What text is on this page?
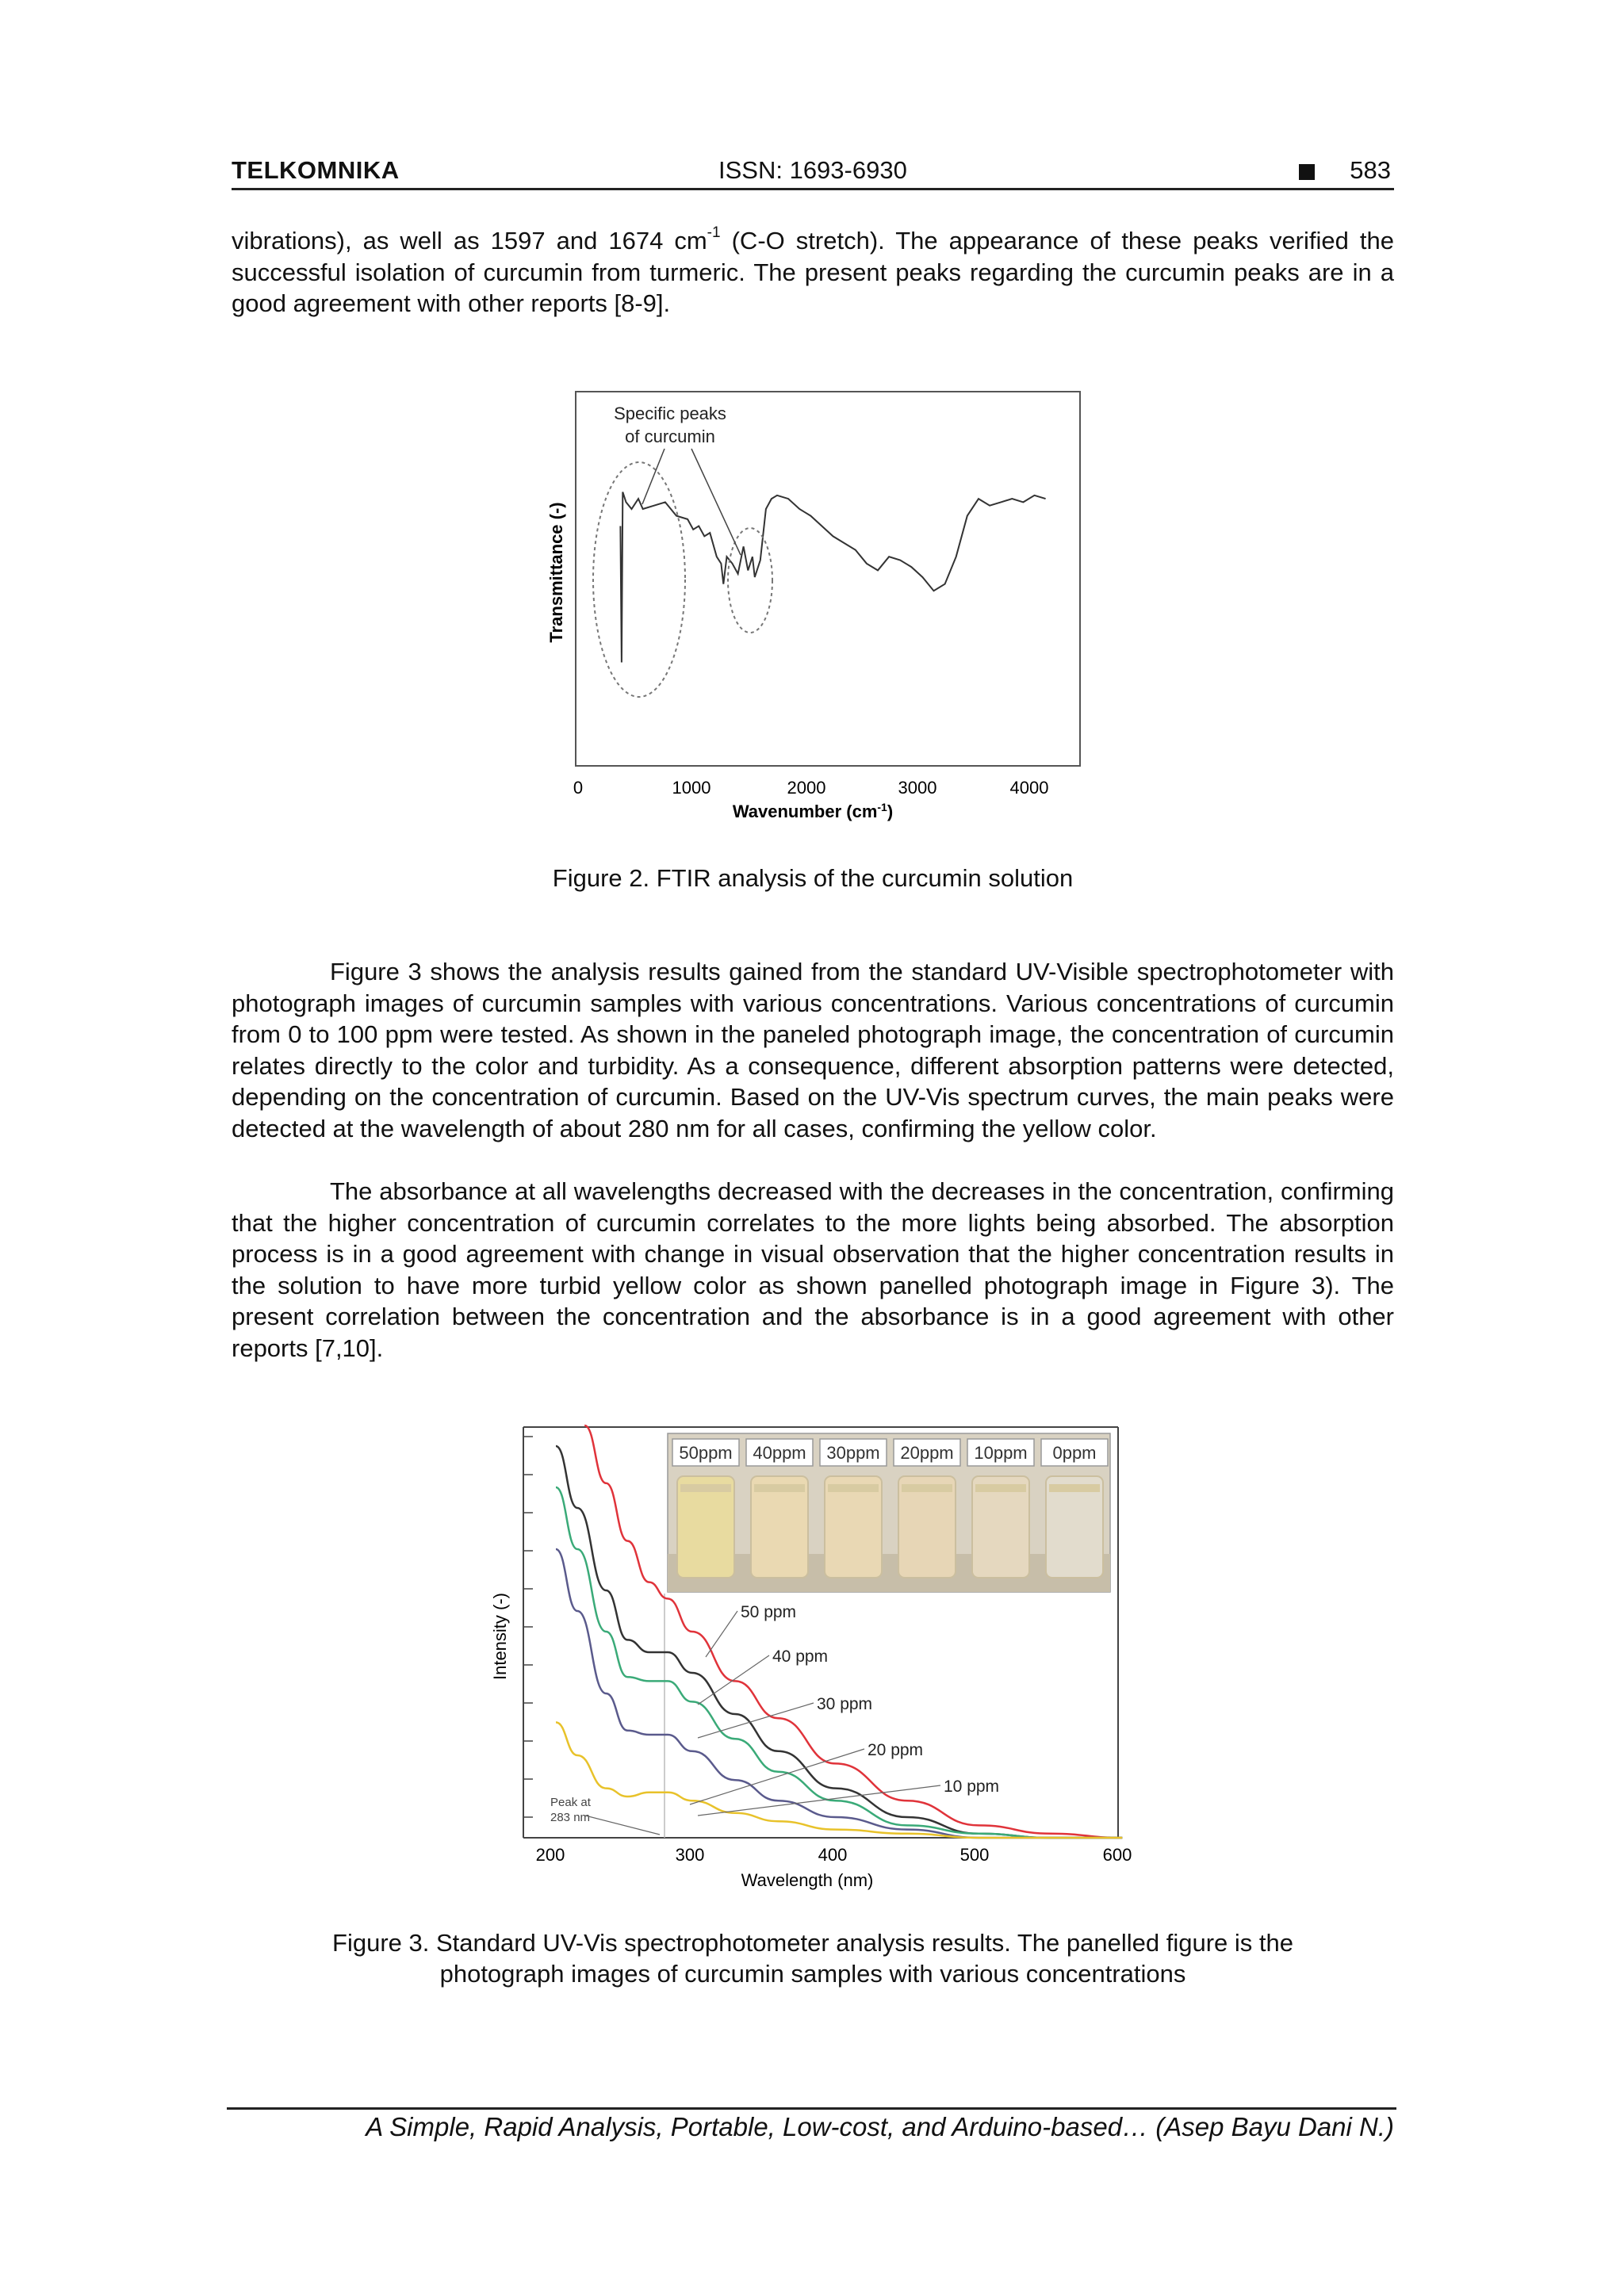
TELKOMNIKA	ISSN: 1693-6930	583

vibrations), as well as 1597 and 1674 $cm^{-1}$ (C-O stretch). The appearance of these peaks verified the successful isolation of curcumin from turmeric. The present peaks regarding the curcumin peaks are in a good agreement with other reports [8-9].

Specific peaks
of curcumin
Transmittance (-)
0	1000	2000	3000	4000
Wavenumber $(cm^{-1})$

Figure 2. FTIR analysis of the curcumin solution

Figure 3 shows the analysis results gained from the standard UV-Visible spectrophotometer with photograph images of curcumin samples with various concentrations. Various concentrations of curcumin from 0 to 100 ppm were tested. As shown in the paneled photograph image, the concentration of curcumin relates directly to the color and turbidity. As a consequence, different absorption patterns were detected, depending on the concentration of curcumin. Based on the UV-Vis spectrum curves, the main peaks were detected at the wavelength of about 280 nm for all cases, confirming the yellow color.

The absorbance at all wavelengths decreased with the decreases in the concentration, confirming that the higher concentration of curcumin correlates to the more lights being absorbed. The absorption process is in a good agreement with change in visual observation that the higher concentration results in the solution to have more turbid yellow color as shown panelled photograph image in Figure 3). The present correlation between the concentration and the absorbance is in a good agreement with other reports [7,10].

50ppm 40ppm 30ppm 20ppm 10ppm 0ppm
Peak at
283 nm
50 ppm
40 ppm
30 ppm
20 ppm
10 ppm
Intensity (-)
200	300	400	500	600
Wavelength (nm)

Figure 3. Standard UV-Vis spectrophotometer analysis results. The panelled figure is the

photograph images of curcumin samples with various concentrations

A Simple, Rapid Analysis, Portable, Low-cost, and Arduino-based… (Asep Bayu Dani N.)
